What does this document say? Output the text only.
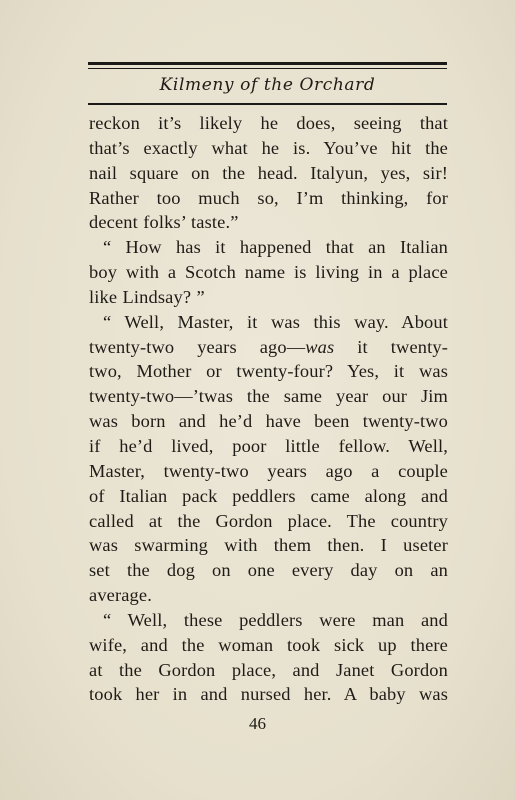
Kilmeny of the Orchard
reckon it’s likely he does, seeing that
that’s exactly what he is. You’ve hit the
nail square on the head. Italyun, yes, sir!
Rather too much so, I’m thinking, for
decent folks’ taste.”
“ How has it happened that an Italian
boy with a Scotch name is living in a place
like Lindsay? ”
“ Well, Master, it was this way. About
twenty-two years ago—was it twenty-
two, Mother or twenty-four? Yes, it was
twenty-two—’twas the same year our Jim
was born and he’d have been twenty-two
if he’d lived, poor little fellow. Well,
Master, twenty-two years ago a couple
of Italian pack peddlers came along and
called at the Gordon place. The country
was swarming with them then. I useter
set the dog on one every day on an
average.
“ Well, these peddlers were man and
wife, and the woman took sick up there
at the Gordon place, and Janet Gordon
took her in and nursed her. A baby was
46
